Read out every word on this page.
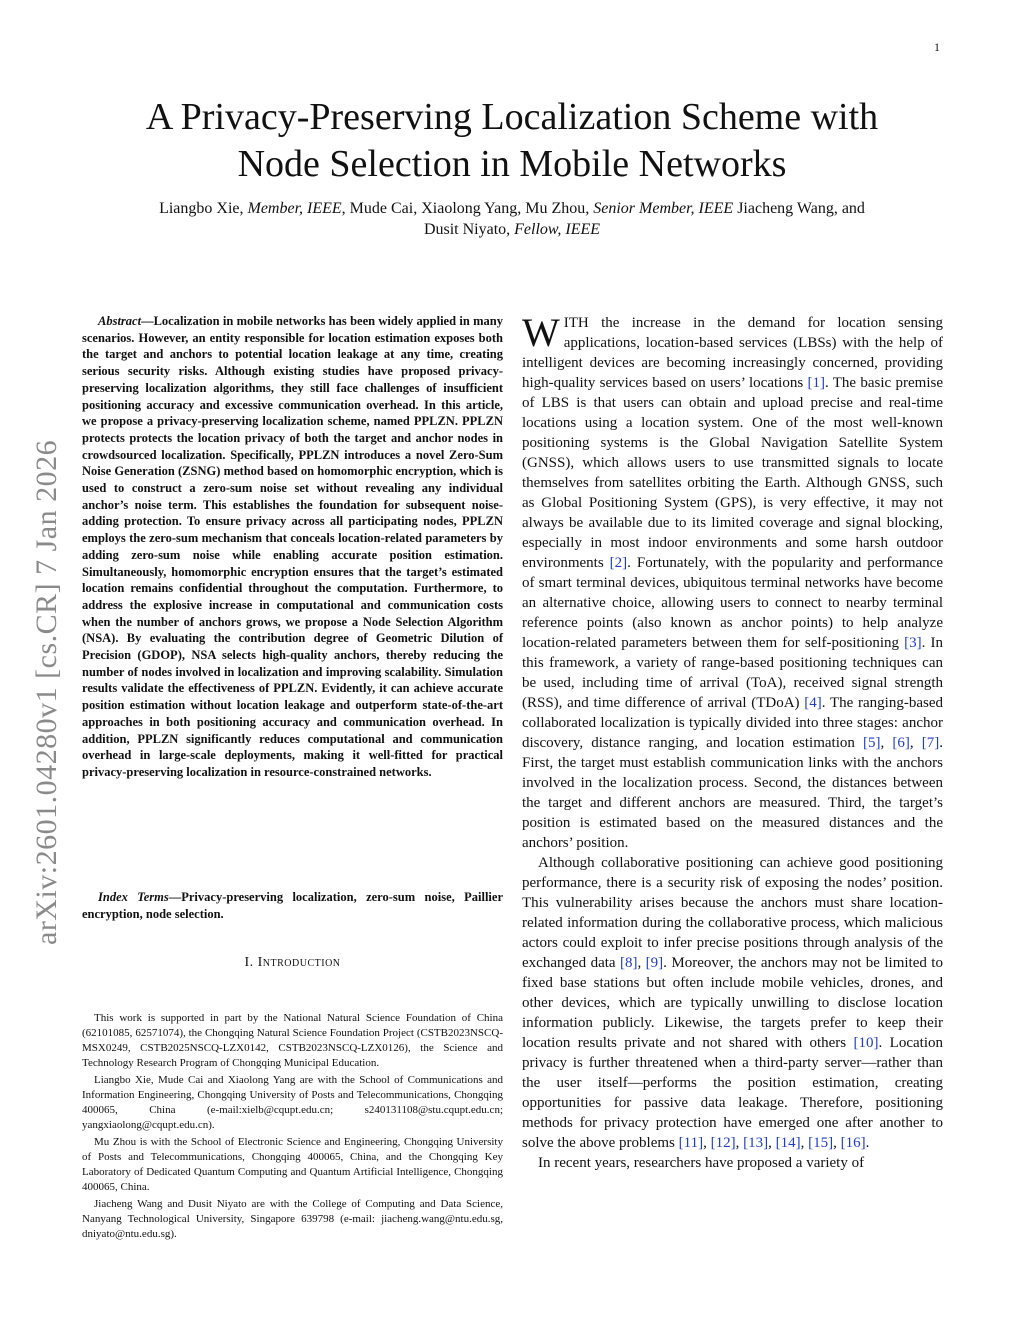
1
arXiv:2601.04280v1 [cs.CR] 7 Jan 2026
A Privacy-Preserving Localization Scheme with
Node Selection in Mobile Networks
Liangbo Xie, Member, IEEE, Mude Cai, Xiaolong Yang, Mu Zhou, Senior Member, IEEE Jiacheng Wang, and
Dusit Niyato, Fellow, IEEE

Abstract—Localization in mobile networks has been widely applied in many scenarios. However, an entity responsible for location estimation exposes both the target and anchors to potential location leakage at any time, creating serious security risks. Although existing studies have proposed privacy-preserving localization algorithms, they still face challenges of insufficient positioning accuracy and excessive communication overhead. In this article, we propose a privacy-preserving localization scheme, named PPLZN. PPLZN protects protects the location privacy of both the target and anchor nodes in crowdsourced localization. Specifically, PPLZN introduces a novel Zero-Sum Noise Generation (ZSNG) method based on homomorphic encryption, which is used to construct a zero-sum noise set without revealing any individual anchor’s noise term. This establishes the foundation for subsequent noise-adding protection. To ensure privacy across all participating nodes, PPLZN employs the zero-sum mechanism that conceals location-related parameters by adding zero-sum noise while enabling accurate position estimation. Simultaneously, homomorphic encryption ensures that the target’s estimated location remains confidential throughout the computation. Furthermore, to address the explosive increase in computational and communication costs when the number of anchors grows, we propose a Node Selection Algorithm (NSA). By evaluating the contribution degree of Geometric Dilution of Precision (GDOP), NSA selects high-quality anchors, thereby reducing the number of nodes involved in localization and improving scalability. Simulation results validate the effectiveness of PPLZN. Evidently, it can achieve accurate position estimation without location leakage and outperform state-of-the-art approaches in both positioning accuracy and communication overhead. In addition, PPLZN significantly reduces computational and communication overhead in large-scale deployments, making it well-fitted for practical privacy-preserving localization in resource-constrained networks.

Index Terms—Privacy-preserving localization, zero-sum noise, Paillier encryption, node selection.

I. Introduction

This work is supported in part by the National Natural Science Foundation of China (62101085, 62571074), the Chongqing Natural Science Foundation Project (CSTB2023NSCQ-MSX0249, CSTB2025NSCQ-LZX0142, CSTB2023NSCQ-LZX0126), the Science and Technology Research Program of Chongqing Municipal Education.

Liangbo Xie, Mude Cai and Xiaolong Yang are with the School of Communications and Information Engineering, Chongqing University of Posts and Telecommunications, Chongqing 400065, China (e-mail:xielb@cqupt.edu.cn; s240131108@stu.cqupt.edu.cn; yangxiaolong@cqupt.edu.cn).

Mu Zhou is with the School of Electronic Science and Engineering, Chongqing University of Posts and Telecommunications, Chongqing 400065, China, and the Chongqing Key Laboratory of Dedicated Quantum Computing and Quantum Artificial Intelligence, Chongqing 400065, China.

Jiacheng Wang and Dusit Niyato are with the College of Computing and Data Science, Nanyang Technological University, Singapore 639798 (e-mail: jiacheng.wang@ntu.edu.sg, dniyato@ntu.edu.sg).

WITH the increase in the demand for location sensing applications, location-based services (LBSs) with the help of intelligent devices are becoming increasingly concerned, providing high-quality services based on users’ locations [1]. The basic premise of LBS is that users can obtain and upload precise and real-time locations using a location system. One of the most well-known positioning systems is the Global Navigation Satellite System (GNSS), which allows users to use transmitted signals to locate themselves from satellites orbiting the Earth. Although GNSS, such as Global Positioning System (GPS), is very effective, it may not always be available due to its limited coverage and signal blocking, especially in most indoor environments and some harsh outdoor environments [2]. Fortunately, with the popularity and performance of smart terminal devices, ubiquitous terminal networks have become an alternative choice, allowing users to connect to nearby terminal reference points (also known as anchor points) to help analyze location-related parameters between them for self-positioning [3]. In this framework, a variety of range-based positioning techniques can be used, including time of arrival (ToA), received signal strength (RSS), and time difference of arrival (TDoA) [4]. The ranging-based collaborated localization is typically divided into three stages: anchor discovery, distance ranging, and location estimation [5], [6], [7]. First, the target must establish communication links with the anchors involved in the localization process. Second, the distances between the target and different anchors are measured. Third, the target’s position is estimated based on the measured distances and the anchors’ position.

Although collaborative positioning can achieve good positioning performance, there is a security risk of exposing the nodes’ position. This vulnerability arises because the anchors must share location-related information during the collaborative process, which malicious actors could exploit to infer precise positions through analysis of the exchanged data [8], [9]. Moreover, the anchors may not be limited to fixed base stations but often include mobile vehicles, drones, and other devices, which are typically unwilling to disclose location information publicly. Likewise, the targets prefer to keep their location results private and not shared with others [10]. Location privacy is further threatened when a third-party server—rather than the user itself—performs the position estimation, creating opportunities for passive data leakage. Therefore, positioning methods for privacy protection have emerged one after another to solve the above problems [11], [12], [13], [14], [15], [16].

In recent years, researchers have proposed a variety of
